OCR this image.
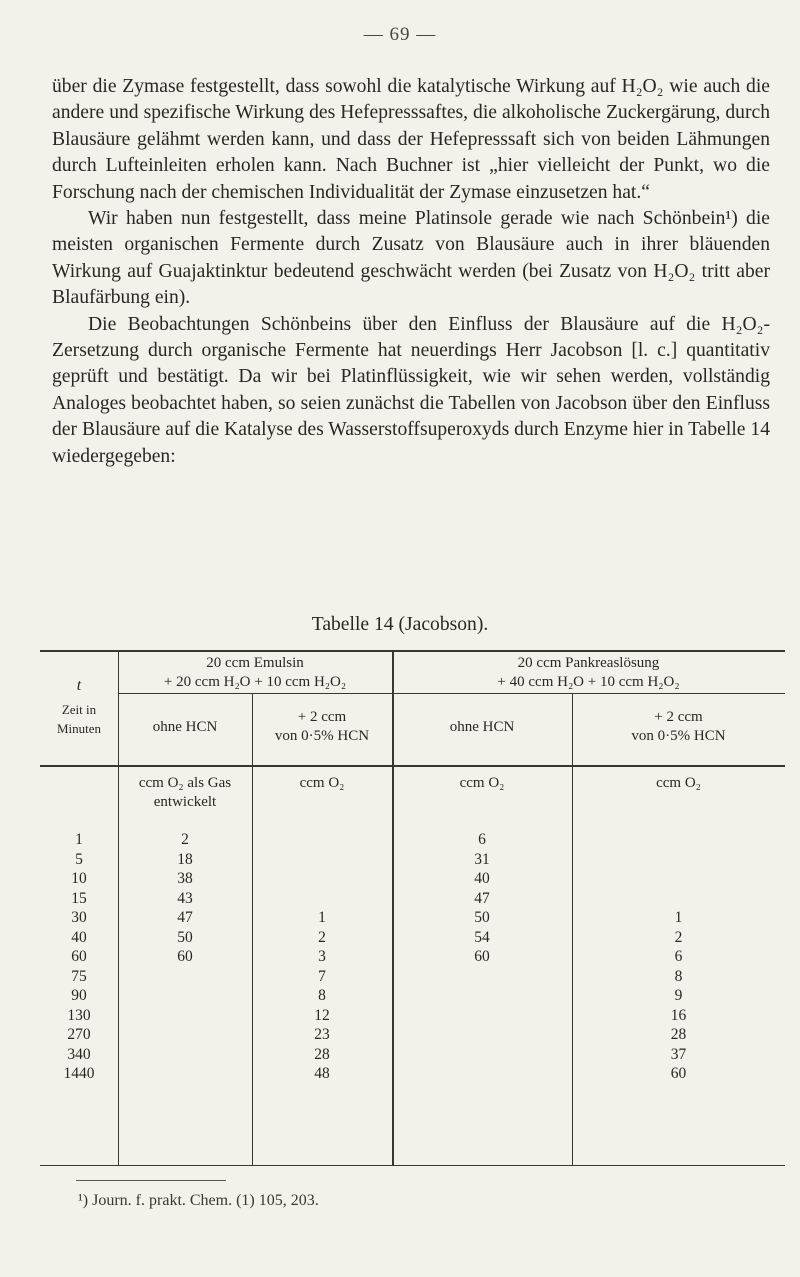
— 69 —

über die Zymase festgestellt, dass sowohl die katalytische Wirkung auf H₂O₂ wie auch die andere und spezifische Wirkung des Hefepresssaftes, die alkoholische Zuckergärung, durch Blausäure gelähmt werden kann, und dass der Hefepresssaft sich von beiden Lähmungen durch Lufteinleiten erholen kann. Nach Buchner ist „hier vielleicht der Punkt, wo die Forschung nach der chemischen Individualität der Zymase einzusetzen hat.“

Wir haben nun festgestellt, dass meine Platinsole gerade wie nach Schönbein¹) die meisten organischen Fermente durch Zusatz von Blausäure auch in ihrer bläuenden Wirkung auf Guajaktinktur bedeutend geschwächt werden (bei Zusatz von H₂O₂ tritt aber Blaufärbung ein).

Die Beobachtungen Schönbeins über den Einfluss der Blausäure auf die H₂O₂-Zersetzung durch organische Fermente hat neuerdings Herr Jacobson [l. c.] quantitativ geprüft und bestätigt. Da wir bei Platinflüssigkeit, wie wir sehen werden, vollständig Analoges beobachtet haben, so seien zunächst die Tabellen von Jacobson über den Einfluss der Blausäure auf die Katalyse des Wasserstoffsuperoxyds durch Enzyme hier in Tabelle 14 wiedergegeben:

Tabelle 14 (Jacobson).
t
Zeit in Minuten
20 ccm Emulsin
+ 20 ccm H₂O + 10 ccm H₂O₂
20 ccm Pankreaslösung
+ 40 ccm H₂O + 10 ccm H₂O₂
ohne HCN
+ 2 ccm
von 0·5% HCN
ohne HCN
+ 2 ccm
von 0·5% HCN
ccm O₂ als Gas
entwickelt
ccm O₂	ccm O₂	ccm O₂
1
5
10
15
30
40
60
75
90
130
270
340
1440
2
18
38
43
47
50
60
1
2
3
7
8
12
23
28
48
6
31
40
47
50
54
60
1
2
6
8
9
16
28
37
60
¹) Journ. f. prakt. Chem. (1) 105, 203.
